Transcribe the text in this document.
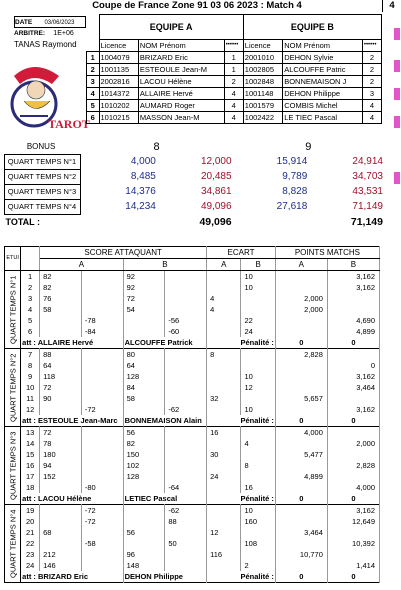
Coupe de France Zone 91 03 06 2023 : Match 4	4
DATE 03/06/2023
ARBITRE: 1E+06
TANAS Raymond
TAROT
	EQUIPE A			EQUIPE B		
	Licence	NOM Prénom	••••••	Licence	NOM Prénom	••••••
1	1004079	BRIZARD Eric	1	2001010	DEHON Sylvie	2
2	1001135	ESTEOULE Jean-M	1	1002805	ALCOUFFE Patric	2
3	2002816	LACOU Hélène	2	1002848	BONNEMAISON J	2
4	1014372	ALLAIRE Hervé	4	1001148	DEHON Philippe	3
5	1010202	AUMARD Roger	4	1001579	COMBIS Michel	4
6	1010215	MASSON Jean-M	4	1002422	LE TIEC Pascal	4
BONUS	8		9	
QUART TEMPS N°1	4,000	12,000	15,914	24,914
QUART TEMPS N°2	8,485	20,485	9,789	34,703
QUART TEMPS N°3	14,376	34,861	8,828	43,531
QUART TEMPS N°4	14,234	49,096	27,618	71,149
TOTAL :	49,096		71,149	
ETUI		SCORE ATTAQUANT				ECART		POINTS MATCHS	
		A		B		A	B	A	B
QUART TEMPS N°1	1	82		92			10		3,162
	2	82		92			10		3,162
	3	76		72		4		2,000	
	4	58		54		4		2,000	
	5		-78		-56		22		4,690
	6		-84		-60		24		4,899
	att : ALLAIRE Hervé			ALCOUFFE Patrick		Pénalité :		0	0
QUART TEMPS N°2	7	88		80		8		2,828	
	8	64		64					0
	9	118		128			10		3,162
	10	72		84			12		3,464
	11	90		58		32		5,657	
	12		-72		-62		10		3,162
	att : ESTEOULE Jean-Marc			BONNEMAISON Alain		Pénalité :		0	0
QUART TEMPS N°3	13	72		56		16		4,000	
	14	78		82			4		2,000
	15	180		150		30		5,477	
	16	94		102			8		2,828
	17	152		128		24		4,899	
	18		-80		-64		16		4,000
	att : LACOU Hélène			LETIEC Pascal		Pénalité :		0	0
QUART TEMPS N°4	19		-72		-62		10		3,162
	20		-72		88		160		12,649
	21	68		56		12		3,464	
	22		-58		50		108		10,392
	23	212		96		116		10,770	
	24	146		148			2		1,414
	att : BRIZARD Eric			DEHON Philippe		Pénalité :		0	0
